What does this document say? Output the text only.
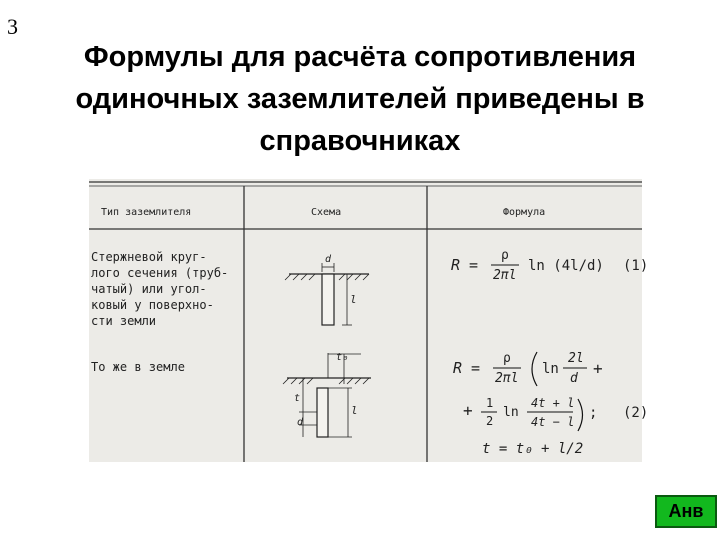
3
Формулы для расчёта сопротивления одиночных заземлителей приведены в справочниках
Тип заземлителя	Схема	Формула
Стержневой круг-
лого сечения (труб-
чатый) или угол-
ковый у поверхно-
сти земли
То же в земле
d
l
t₀
t
l
d
R =
ρ
2πl
ln (4l/d) (1)
R =
ρ
2πl
ln
2l
d
+
+ 1
2
ln
4t + l
4t − l
; (2)
t = t₀ + l/2
Анв
